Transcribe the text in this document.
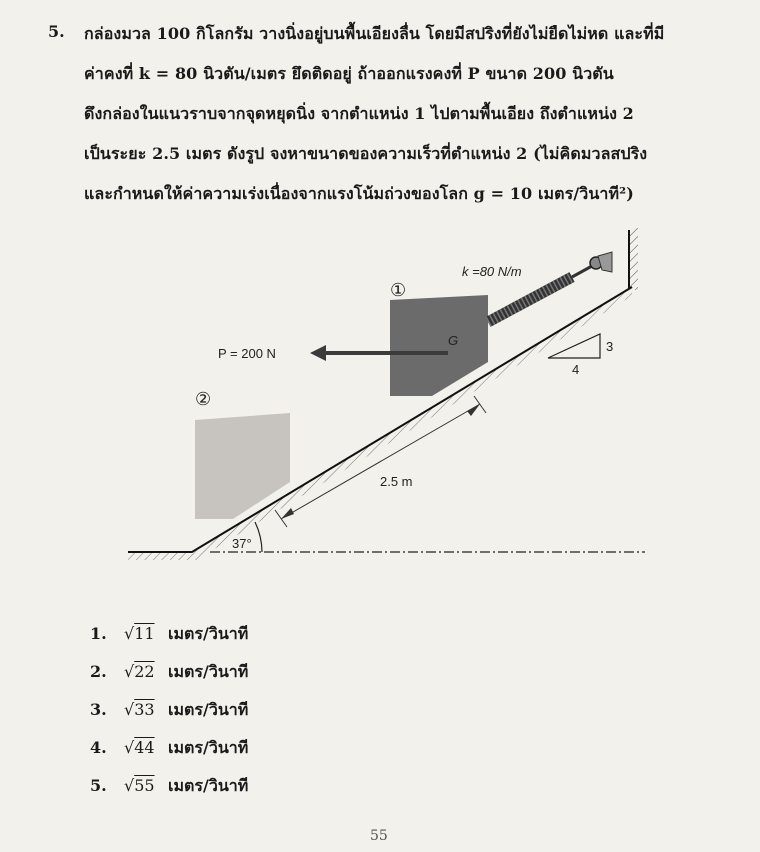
5. กล่องมวล 100 กิโลกรัม วางนิ่งอยู่บนพื้นเอียงลื่น โดยมีสปริงที่ยังไม่ยืดไม่หด และที่มี
ค่าคงที่ k = 80 นิวตัน/เมตร ยึดติดอยู่ ถ้าออกแรงคงที่ P ขนาด 200 นิวตัน
ดึงกล่องในแนวราบจากจุดหยุดนิ่ง จากตำแหน่ง 1 ไปตามพื้นเอียง ถึงตำแหน่ง 2
เป็นระยะ 2.5 เมตร ดังรูป จงหาขนาดของความเร็วที่ตำแหน่ง 2 (ไม่คิดมวลสปริง
และกำหนดให้ค่าความเร่งเนื่องจากแรงโน้มถ่วงของโลก g = 10 เมตร/วินาที²)
37°
②
①
G
k =80 N/m
P = 200 N
2.5 m
3
4
1. √11 เมตร/วินาที
2. √22 เมตร/วินาที
3. √33 เมตร/วินาที
4. √44 เมตร/วินาที
5. √55 เมตร/วินาที
55
